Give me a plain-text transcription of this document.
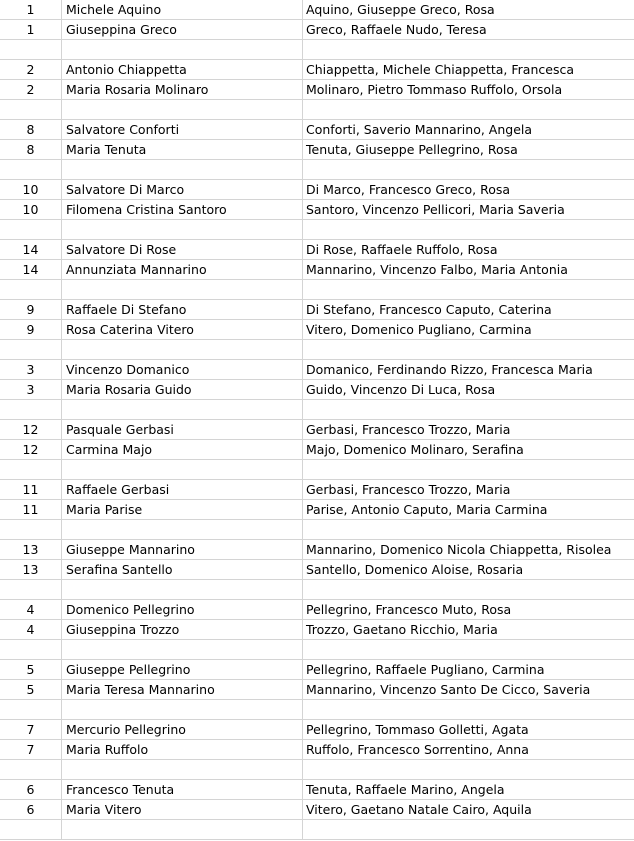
1	Michele Aquino	Aquino, Giuseppe Greco, Rosa
1	Giuseppina Greco	Greco, Raffaele Nudo, Teresa
2	Antonio Chiappetta	Chiappetta, Michele Chiappetta, Francesca
2	Maria Rosaria Molinaro	Molinaro, Pietro Tommaso Ruffolo, Orsola
8	Salvatore Conforti	Conforti, Saverio Mannarino, Angela
8	Maria Tenuta	Tenuta, Giuseppe Pellegrino, Rosa
10	Salvatore Di Marco	Di Marco, Francesco Greco, Rosa
10	Filomena Cristina Santoro	Santoro, Vincenzo Pellicori, Maria Saveria
14	Salvatore Di Rose	Di Rose, Raffaele Ruffolo, Rosa
14	Annunziata Mannarino	Mannarino, Vincenzo Falbo, Maria Antonia
9	Raffaele Di Stefano	Di Stefano, Francesco Caputo, Caterina
9	Rosa Caterina Vitero	Vitero, Domenico Pugliano, Carmina
3	Vincenzo Domanico	Domanico, Ferdinando Rizzo, Francesca Maria
3	Maria Rosaria Guido	Guido, Vincenzo Di Luca, Rosa
12	Pasquale Gerbasi	Gerbasi, Francesco Trozzo, Maria
12	Carmina Majo	Majo, Domenico Molinaro, Serafina
11	Raffaele Gerbasi	Gerbasi, Francesco Trozzo, Maria
11	Maria Parise	Parise, Antonio Caputo, Maria Carmina
13	Giuseppe Mannarino	Mannarino, Domenico Nicola Chiappetta, Risolea
13	Serafina Santello	Santello, Domenico Aloise, Rosaria
4	Domenico Pellegrino	Pellegrino, Francesco Muto, Rosa
4	Giuseppina Trozzo	Trozzo, Gaetano Ricchio, Maria
5	Giuseppe Pellegrino	Pellegrino, Raffaele Pugliano, Carmina
5	Maria Teresa Mannarino	Mannarino, Vincenzo Santo De Cicco, Saveria
7	Mercurio Pellegrino	Pellegrino, Tommaso Golletti, Agata
7	Maria Ruffolo	Ruffolo, Francesco Sorrentino, Anna
6	Francesco Tenuta	Tenuta, Raffaele Marino, Angela
6	Maria Vitero	Vitero, Gaetano Natale Cairo, Aquila
